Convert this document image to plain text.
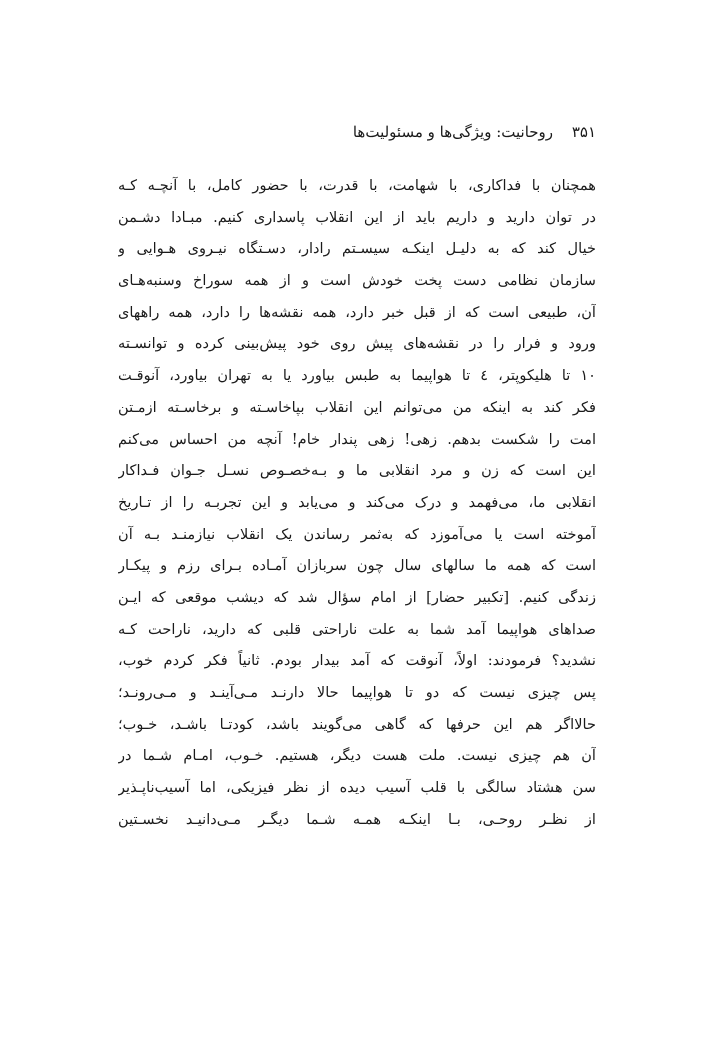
۳۵۱ روحانیت: ویژگی‌ها و مسئولیت‌ها
همچنان با فداکاری، با شهامت، با قدرت، با حضور کامل، با آنچـه کـه
در توان دارید و داریم باید از این انقلاب پاسداری کنیم. مبـادا دشـمن
خیال کند که به دلیـل اینکـه سیسـتم رادار، دسـتگاه نیـروی هـوایی و
سازمان نظامی دست پخت خودش است و از همه سوراخ وسنبه‌هـای
آن، طبیعی است که از قبل خبر دارد، همه نقشه‌ها را دارد، همه راههای
ورود و فرار را در نقشه‌های پیش روی خود پیش‌بینی کرده و توانسـته
۱۰ تا هلیکوپتر، ٤ تا هواپیما به طبس بیاورد یا به تهران بیاورد، آنوقـت
فکر کند به اینکه من می‌توانم این انقلاب بپاخاسـته و برخاسـته ازمـتن
امت را شکست بدهم. زهی! زهی پندار خام! آنچه من احساس می‌کنم
این است که زن و مرد انقلابی ما و بـه‌خصـوص نسـل جـوان فـداکار
انقلابی ما، می‌فهمد و درک می‌کند و می‌یابد و این تجربـه را از تـاریخ
آموخته است یا می‌آموزد که به‌ثمر رساندن یک انقلاب نیازمنـد بـه آن
است که همه ما سالهای سال چون سربازان آمـاده بـرای رزم و پیکـار
زندگی کنیم. [تکبیر حضار] از امام سؤال شد که دیشب موقعی که ایـن
صداهای هواپیما آمد شما به علت ناراحتی قلبی که دارید، ناراحت کـه
نشدید؟ فرمودند: اولاً، آنوقت که آمد بیدار بودم. ثانیاً فکر کردم خوب،
پس چیزی نیست که دو تا هواپیما حالا دارنـد مـی‌آینـد و مـی‌رونـد؛
حالااگر هم این حرفها که گاهی می‌گویند باشد، کودتـا باشـد، خـوب؛
آن هم چیزی نیست. ملت هست دیگر، هستیم. خـوب، امـام شـما در
سن هشتاد سالگی با قلب آسیب دیده از نظر فیزیکی، اما آسیب‌ناپـذیر
از نظـر روحـی، بـا اینکـه همـه شـما دیگـر مـی‌دانیـد نخسـتین
